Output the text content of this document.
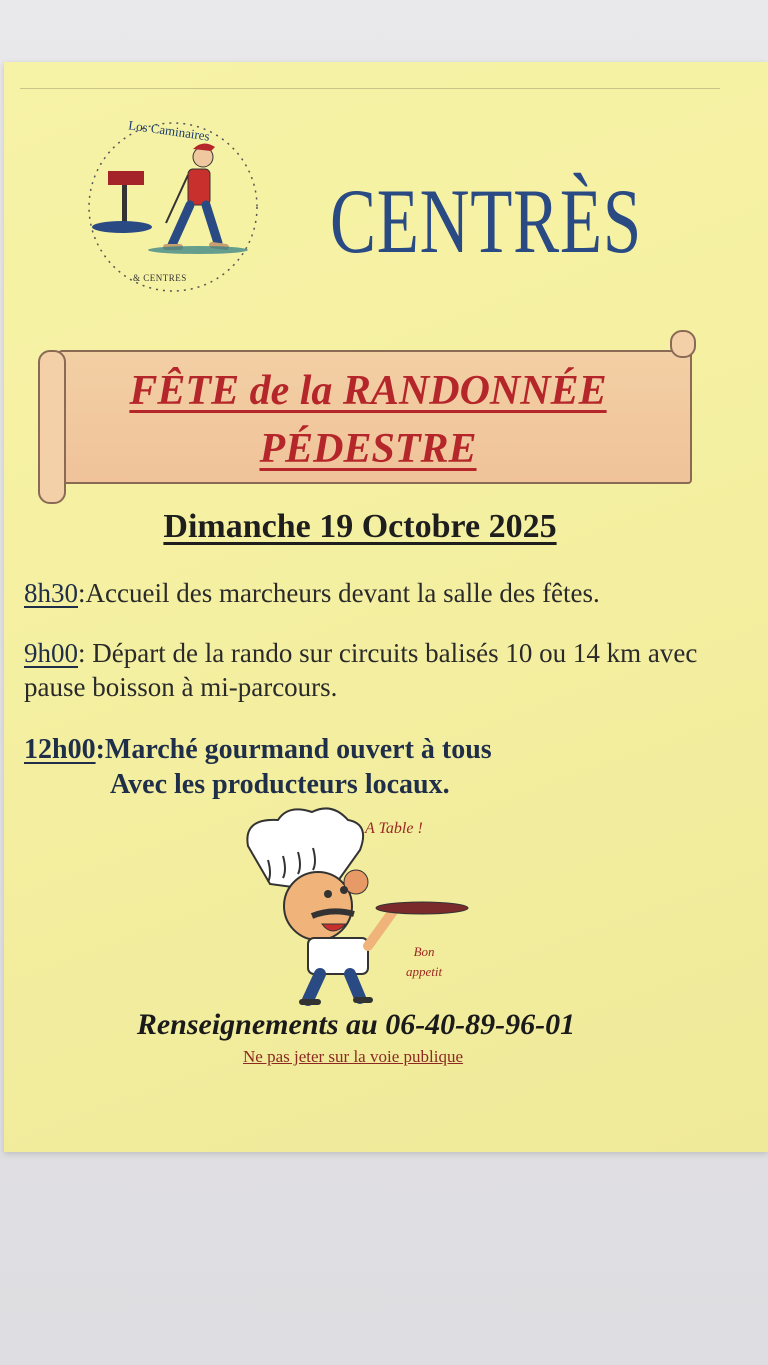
Los Caminaires
& CENTRES
CENTRÈS
FÊTE de la RANDONNÉE
PÉDESTRE
Dimanche 19 Octobre 2025
8h30:Accueil des marcheurs devant la salle des fêtes.
9h00: Départ de la rando sur circuits balisés 10 ou 14 km avec pause boisson à mi-parcours.
12h00:Marché gourmand ouvert à tous
Avec les producteurs locaux.
A Table !
Bon
appetit
Renseignements au 06-40-89-96-01
Ne pas jeter sur la voie publique
